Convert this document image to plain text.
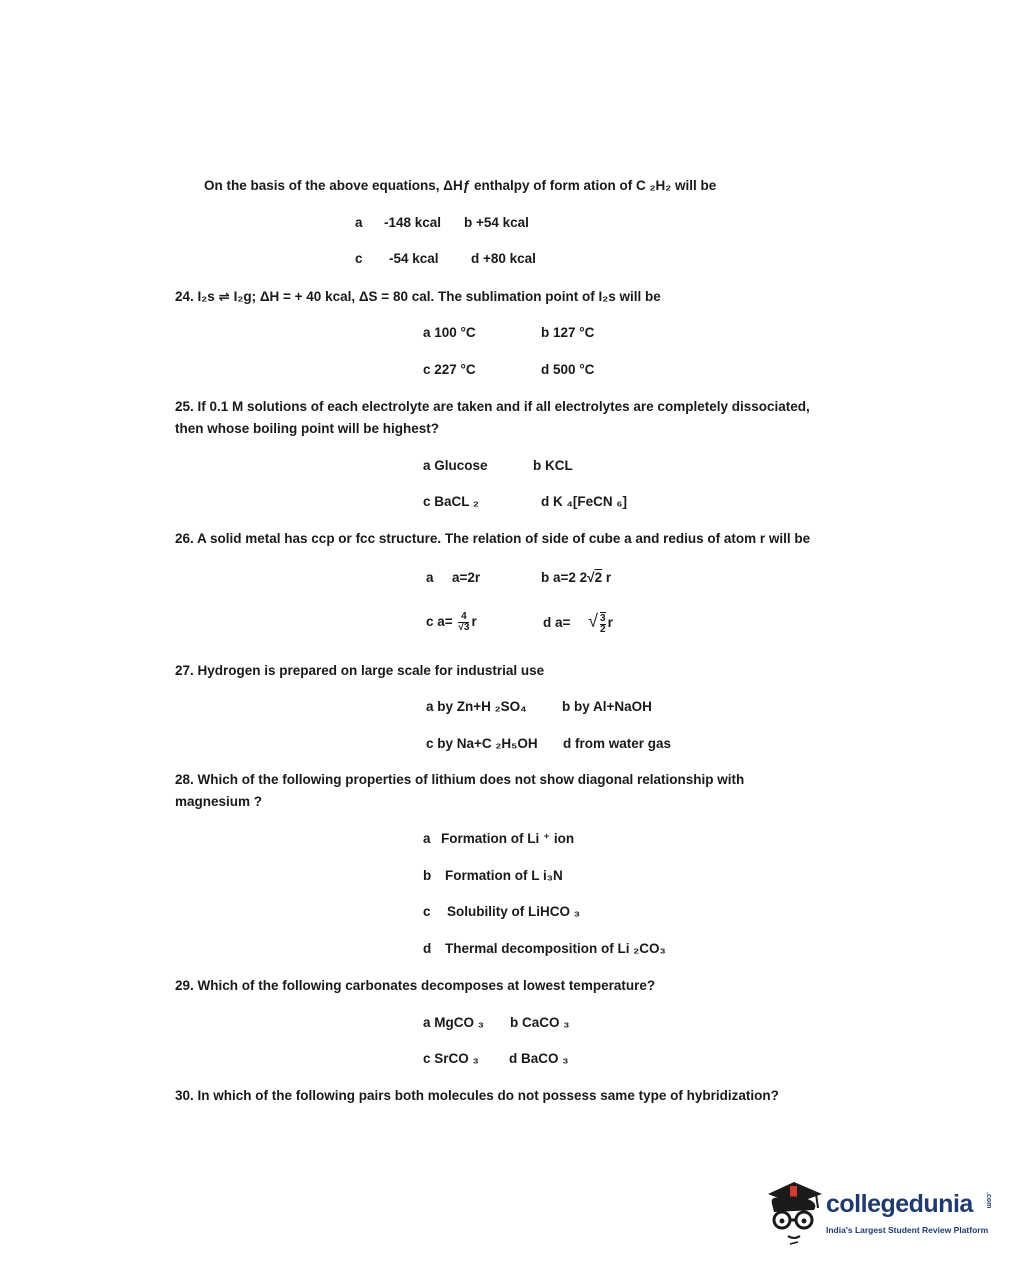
On the basis of the above equations, ΔHƒ enthalpy of form ation of C ₂H₂ will be
a -148 kcal b +54 kcal
c -54 kcal d +80 kcal
24. I₂s ⇌ I₂g; ΔH = + 40 kcal, ΔS = 80 cal. The sublimation point of I₂s will be
a 100 °C	b 127 °C
c 227 °C	d 500 °C
25. If 0.1 M solutions of each electrolyte are taken and if all electrolytes are completely dissociated,
then whose boiling point will be highest?
a Glucose	b KCL
c BaCL ₂	d K ₄[FeCN ₆]
26. A solid metal has ccp or fcc structure. The relation of side of cube a and redius of atom r will be
a a=2r	b a=2 2√2 r
c $a= \frac{4}{√3}$ r	d a= √ $\frac{3}{2}$ r
27. Hydrogen is prepared on large scale for industrial use
a by Zn+H ₂SO₄	b by Al+NaOH
c by Na+C ₂H₅OH d from water gas
28. Which of the following properties of lithium does not show diagonal relationship with
magnesium ?
a Formation of Li ⁺ ion
b Formation of L i₃N
c Solubility of LiHCO ₃
d Thermal decomposition of Li ₂CO₃
29. Which of the following carbonates decomposes at lowest temperature?
a MgCO ₃ b CaCO ₃
c SrCO ₃ d BaCO ₃
30. In which of the following pairs both molecules do not possess same type of hybridization?
collegedunia .com
India's Largest Student Review Platform
